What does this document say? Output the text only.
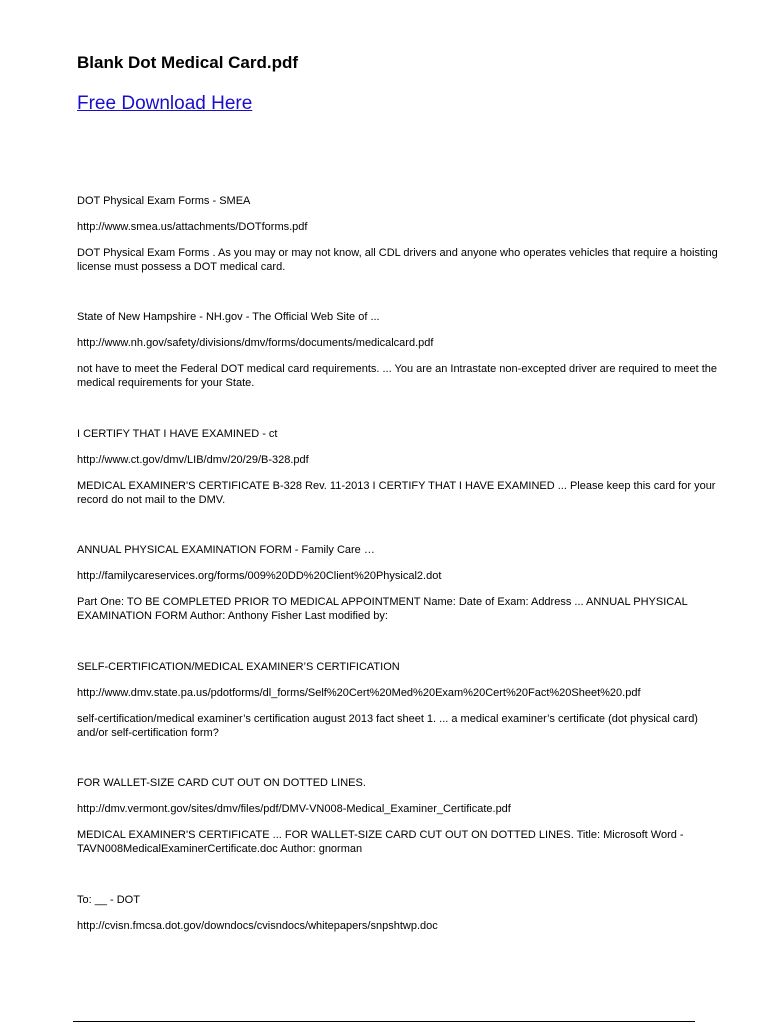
Blank Dot Medical Card.pdf
Free Download Here
DOT Physical Exam Forms - SMEA
http://www.smea.us/attachments/DOTforms.pdf
DOT Physical Exam Forms . As you may or may not know, all CDL drivers and anyone who operates vehicles that require a hoisting license must possess a DOT medical card.
State of New Hampshire - NH.gov - The Official Web Site of ...
http://www.nh.gov/safety/divisions/dmv/forms/documents/medicalcard.pdf
not have to meet the Federal DOT medical card requirements. ... You are an Intrastate non-excepted driver are required to meet the medical requirements for your State.
I CERTIFY THAT I HAVE EXAMINED - ct
http://www.ct.gov/dmv/LIB/dmv/20/29/B-328.pdf
MEDICAL EXAMINER'S CERTIFICATE B-328 Rev. 11-2013 I CERTIFY THAT I HAVE EXAMINED ... Please keep this card for your record do not mail to the DMV.
ANNUAL PHYSICAL EXAMINATION FORM - Family Care …
http://familycareservices.org/forms/009%20DD%20Client%20Physical2.dot
Part One: TO BE COMPLETED PRIOR TO MEDICAL APPOINTMENT Name: Date of Exam: Address ... ANNUAL PHYSICAL EXAMINATION FORM Author: Anthony Fisher Last modified by:
SELF-CERTIFICATION/MEDICAL EXAMINER’S CERTIFICATION
http://www.dmv.state.pa.us/pdotforms/dl_forms/Self%20Cert%20Med%20Exam%20Cert%20Fact%20Sheet%20.pdf
self-certification/medical examiner’s certification august 2013 fact sheet 1. ... a medical examiner’s certificate (dot physical card) and/or self-certification form?
FOR WALLET-SIZE CARD CUT OUT ON DOTTED LINES.
http://dmv.vermont.gov/sites/dmv/files/pdf/DMV-VN008-Medical_Examiner_Certificate.pdf
MEDICAL EXAMINER'S CERTIFICATE ... FOR WALLET-SIZE CARD CUT OUT ON DOTTED LINES. Title: Microsoft Word - TAVN008MedicalExaminerCertificate.doc Author: gnorman
To: __ - DOT
http://cvisn.fmcsa.dot.gov/downdocs/cvisndocs/whitepapers/snpshtwp.doc
